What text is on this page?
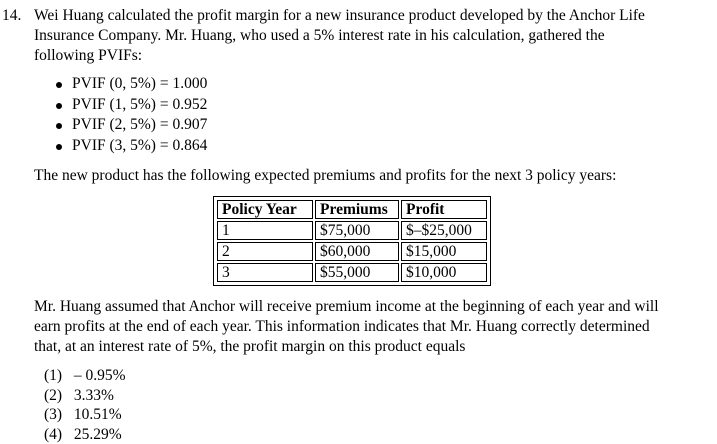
14. Wei Huang calculated the profit margin for a new insurance product developed by the Anchor Life
Insurance Company. Mr. Huang, who used a 5% interest rate in his calculation, gathered the
following PVIFs:
PVIF (0, 5%) = 1.000
PVIF (1, 5%) = 0.952
PVIF (2, 5%) = 0.907
PVIF (3, 5%) = 0.864
The new product has the following expected premiums and profits for the next 3 policy years:
Policy Year	Premiums	Profit
1	$75,000	$–$25,000
2	$60,000	$15,000
3	$55,000	$10,000
Mr. Huang assumed that Anchor will receive premium income at the beginning of each year and will
earn profits at the end of each year. This information indicates that Mr. Huang correctly determined
that, at an interest rate of 5%, the profit margin on this product equals
(1) – 0.95%
(2) 3.33%
(3) 10.51%
(4) 25.29%
